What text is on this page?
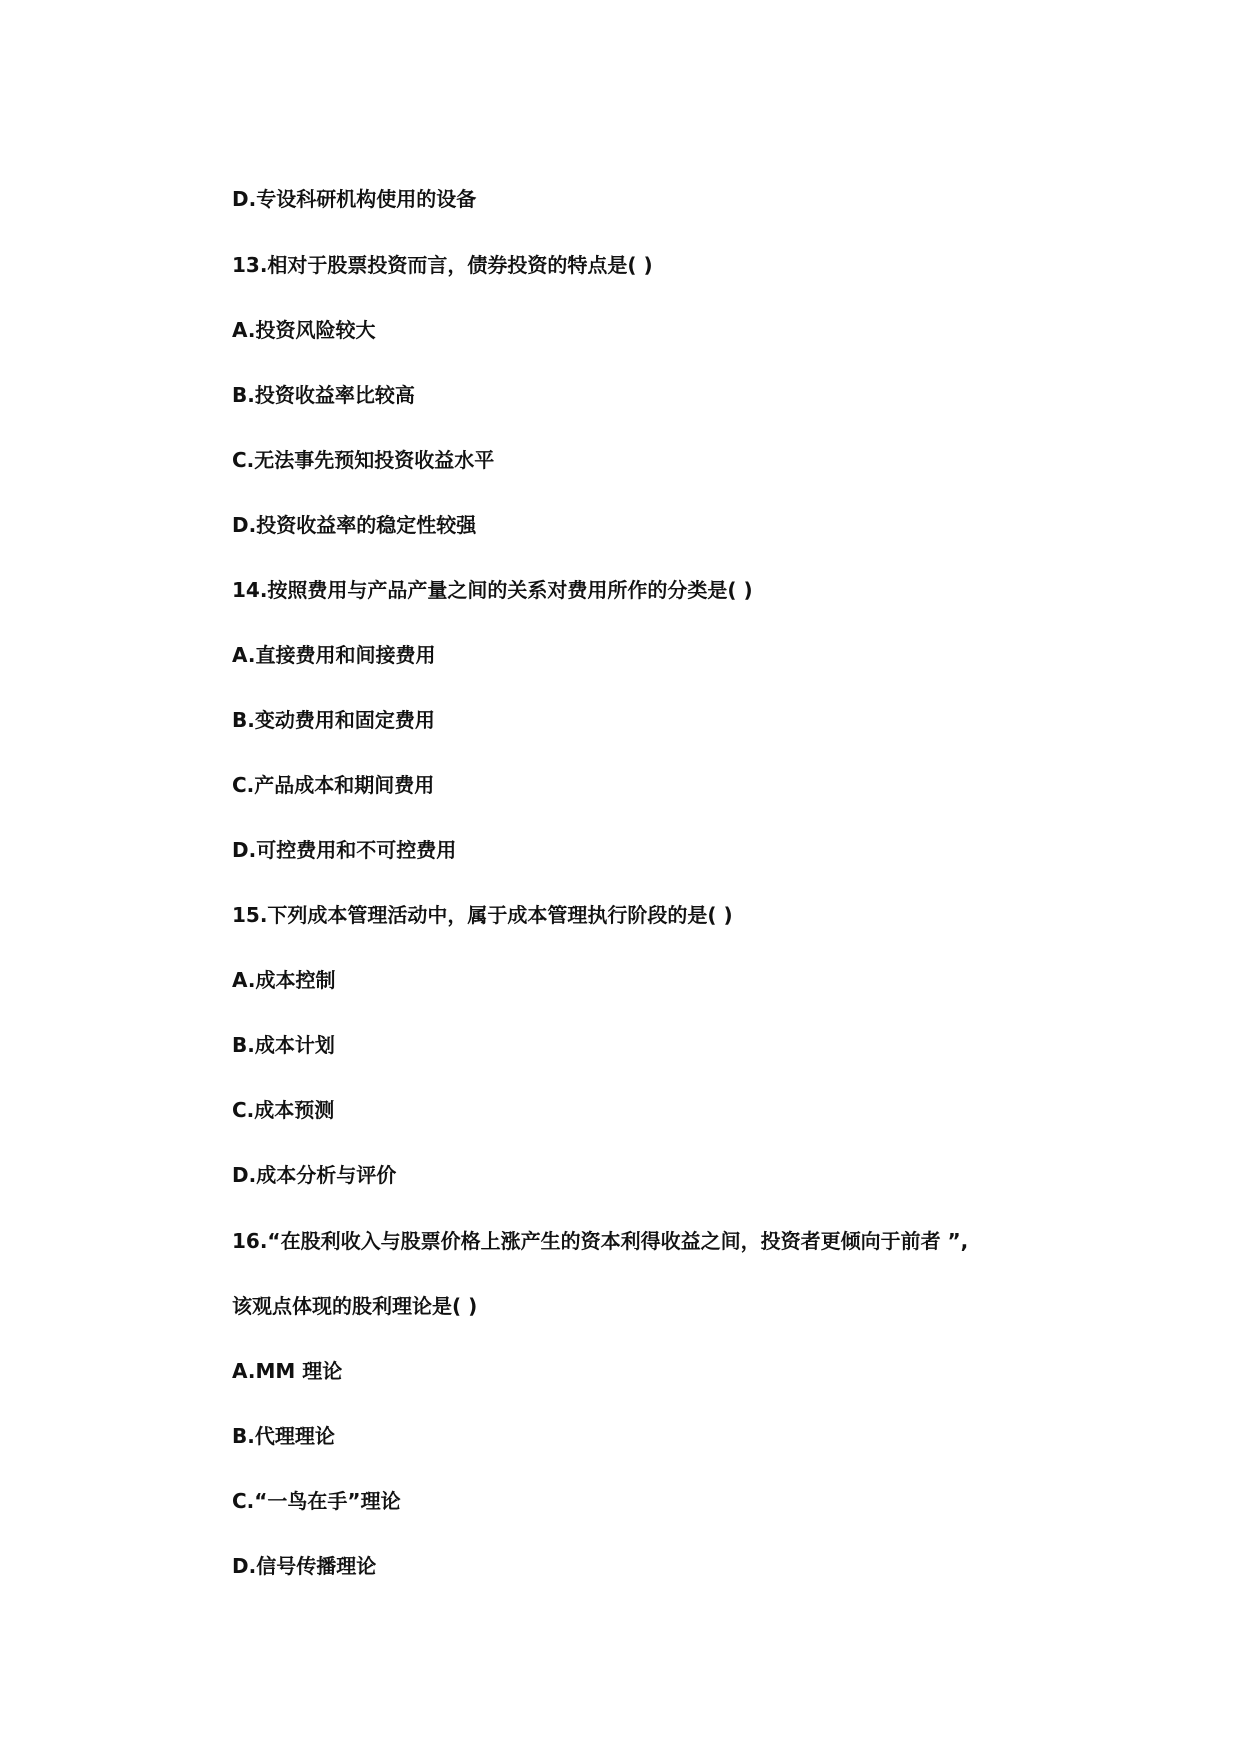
D.专设科研机构使用的设备
13.相对于股票投资而言，债券投资的特点是( )
A.投资风险较大
B.投资收益率比较高
C.无法事先预知投资收益水平
D.投资收益率的稳定性较强
14.按照费用与产品产量之间的关系对费用所作的分类是( )
A.直接费用和间接费用
B.变动费用和固定费用
C.产品成本和期间费用
D.可控费用和不可控费用
15.下列成本管理活动中，属于成本管理执行阶段的是( )
A.成本控制
B.成本计划
C.成本预测
D.成本分析与评价
16.“在股利收入与股票价格上涨产生的资本利得收益之间，投资者更倾向于前者 ”,
该观点体现的股利理论是( )
A.MM 理论
B.代理理论
C.“一鸟在手”理论
D.信号传播理论
